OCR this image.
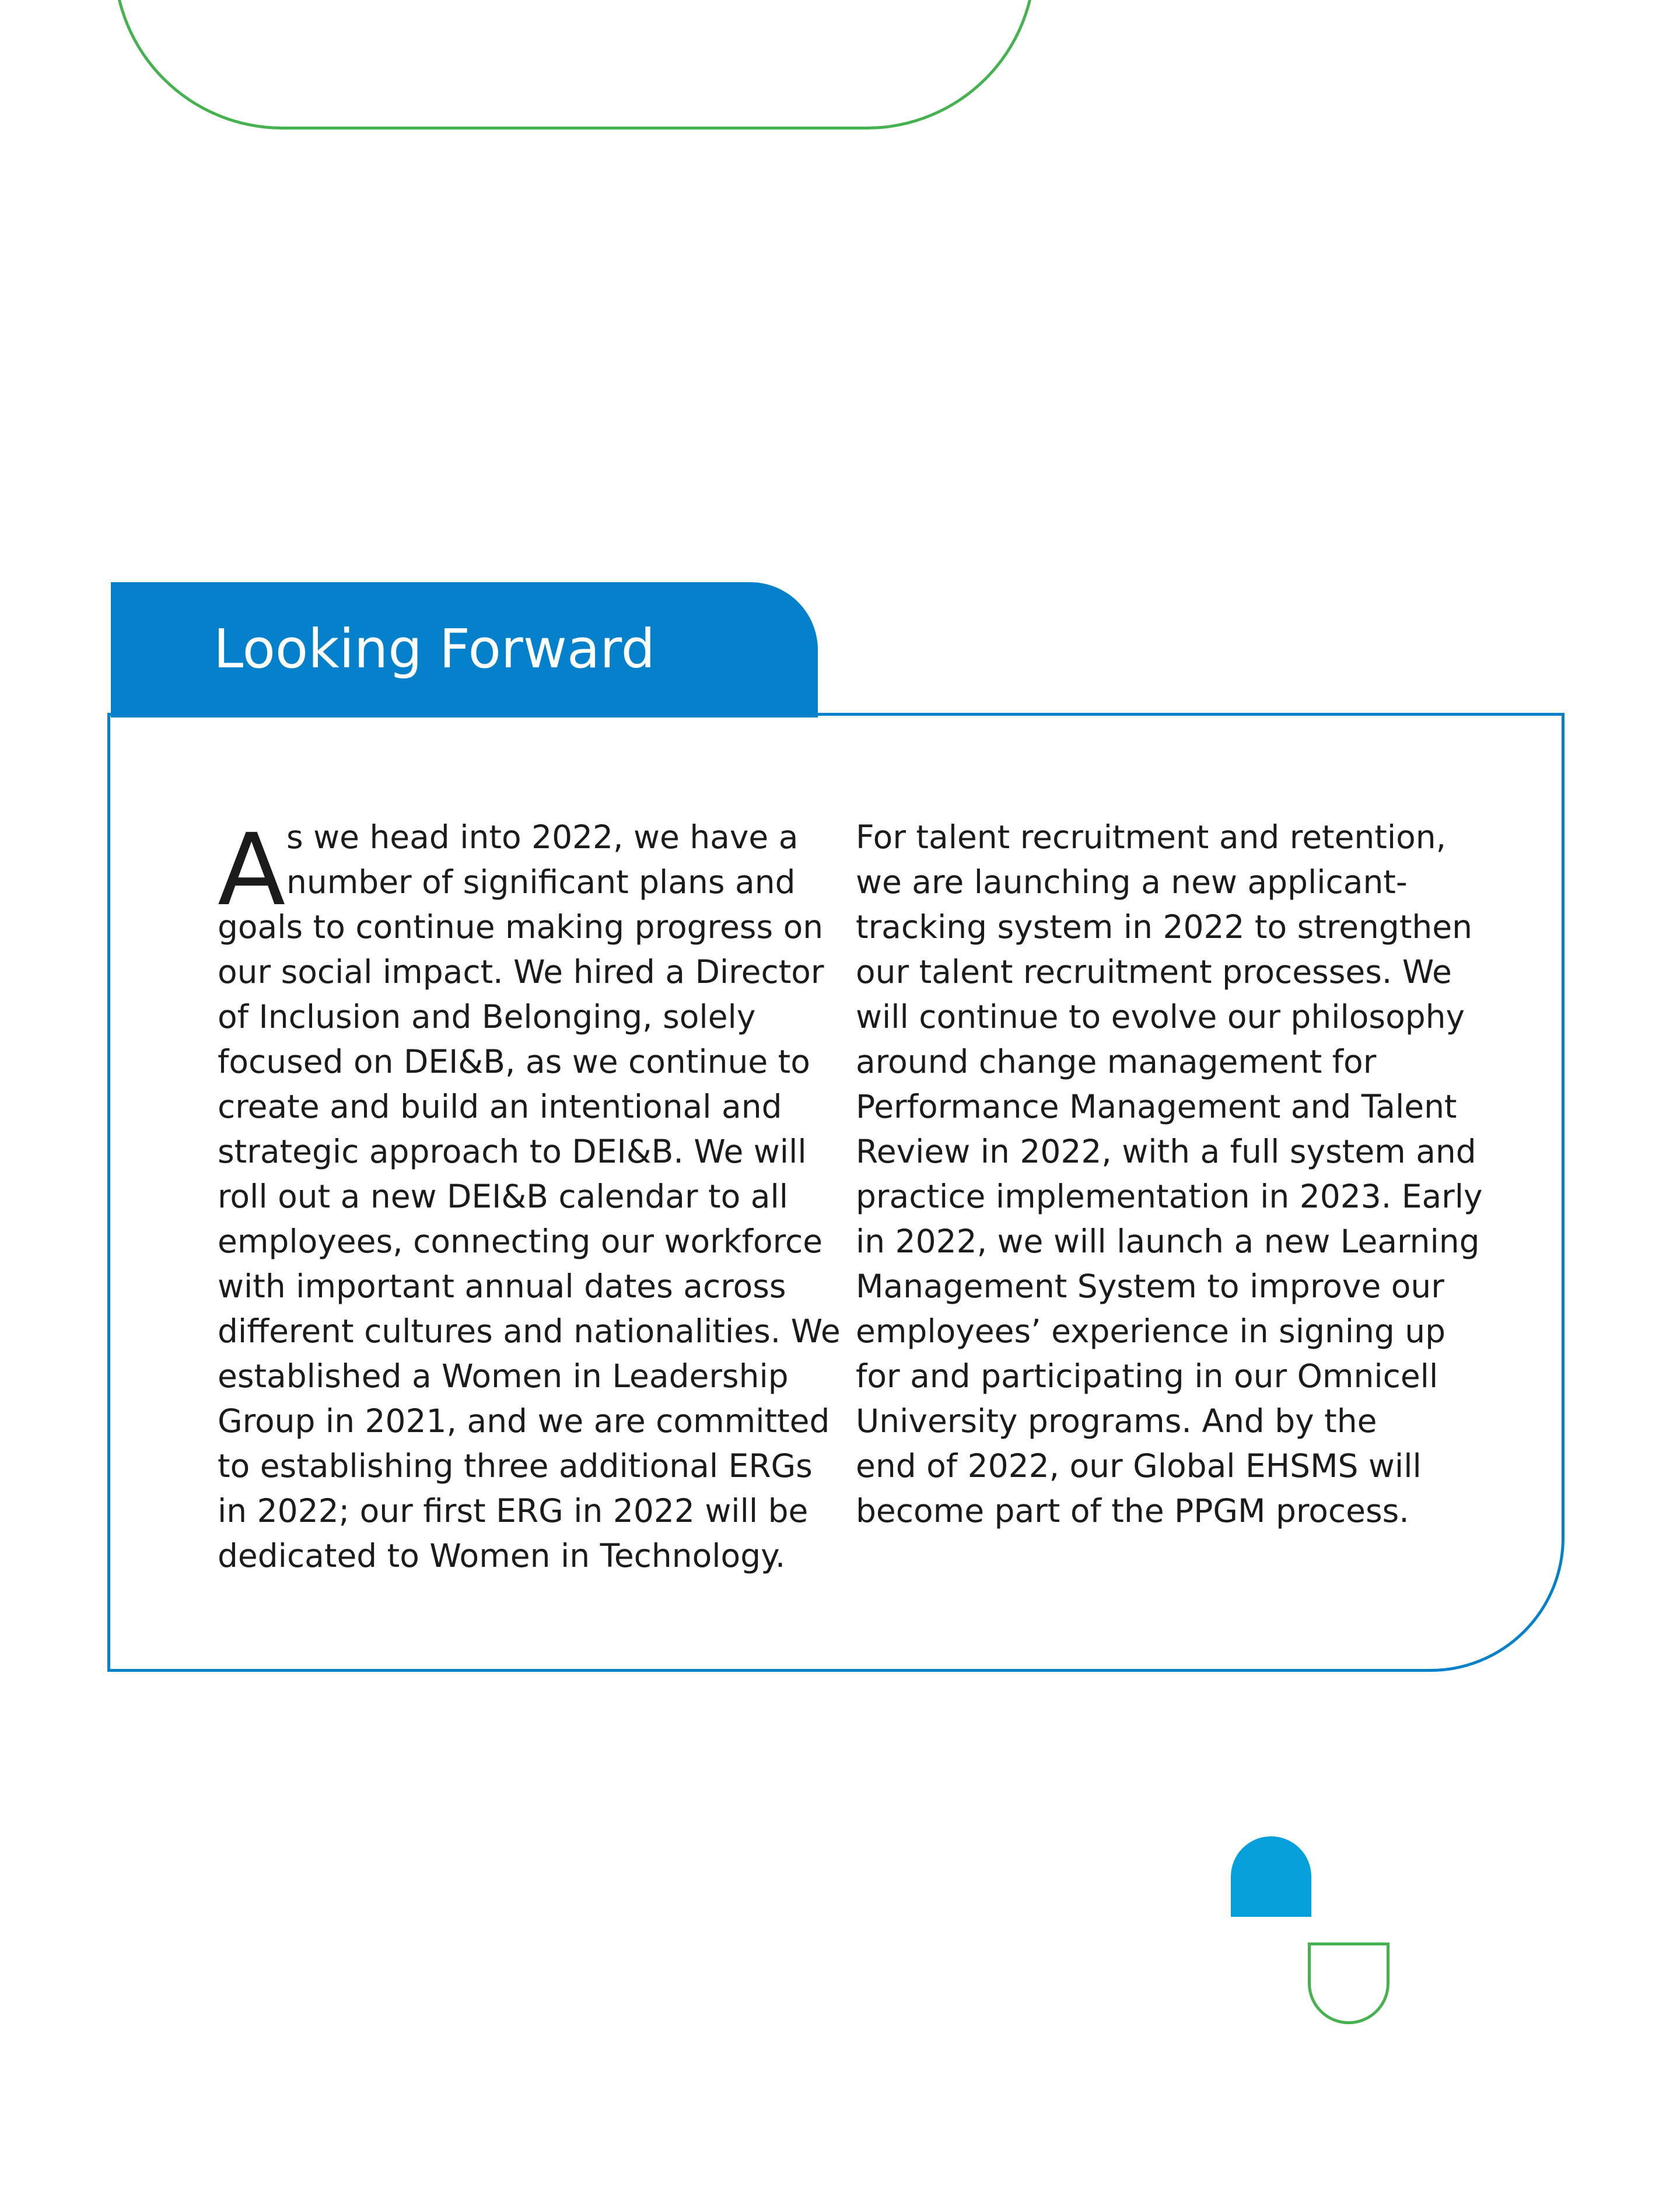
A s we head into 2022, we have a
number of significant plans and
goals to continue making progress on
our social impact. We hired a Director
of Inclusion and Belonging, solely
focused on DEI&B, as we continue to
create and build an intentional and
strategic approach to DEI&B. We will
roll out a new DEI&B calendar to all
employees, connecting our workforce
with important annual dates across
different cultures and nationalities. We
established a Women in Leadership
Group in 2021, and we are committed
to establishing three additional ERGs
in 2022; our first ERG in 2022 will be
dedicated to Women in Technology.
For talent recruitment and retention,
we are launching a new applicant-
tracking system in 2022 to strengthen
our talent recruitment processes. We
will continue to evolve our philosophy
around change management for
Performance Management and Talent
Review in 2022, with a full system and
practice implementation in 2023. Early
in 2022, we will launch a new Learning
Management System to improve our
employees’ experience in signing up
for and participating in our Omnicell
University programs. And by the
end of 2022, our Global EHSMS will
become part of the PPGM process.
Looking Forward
